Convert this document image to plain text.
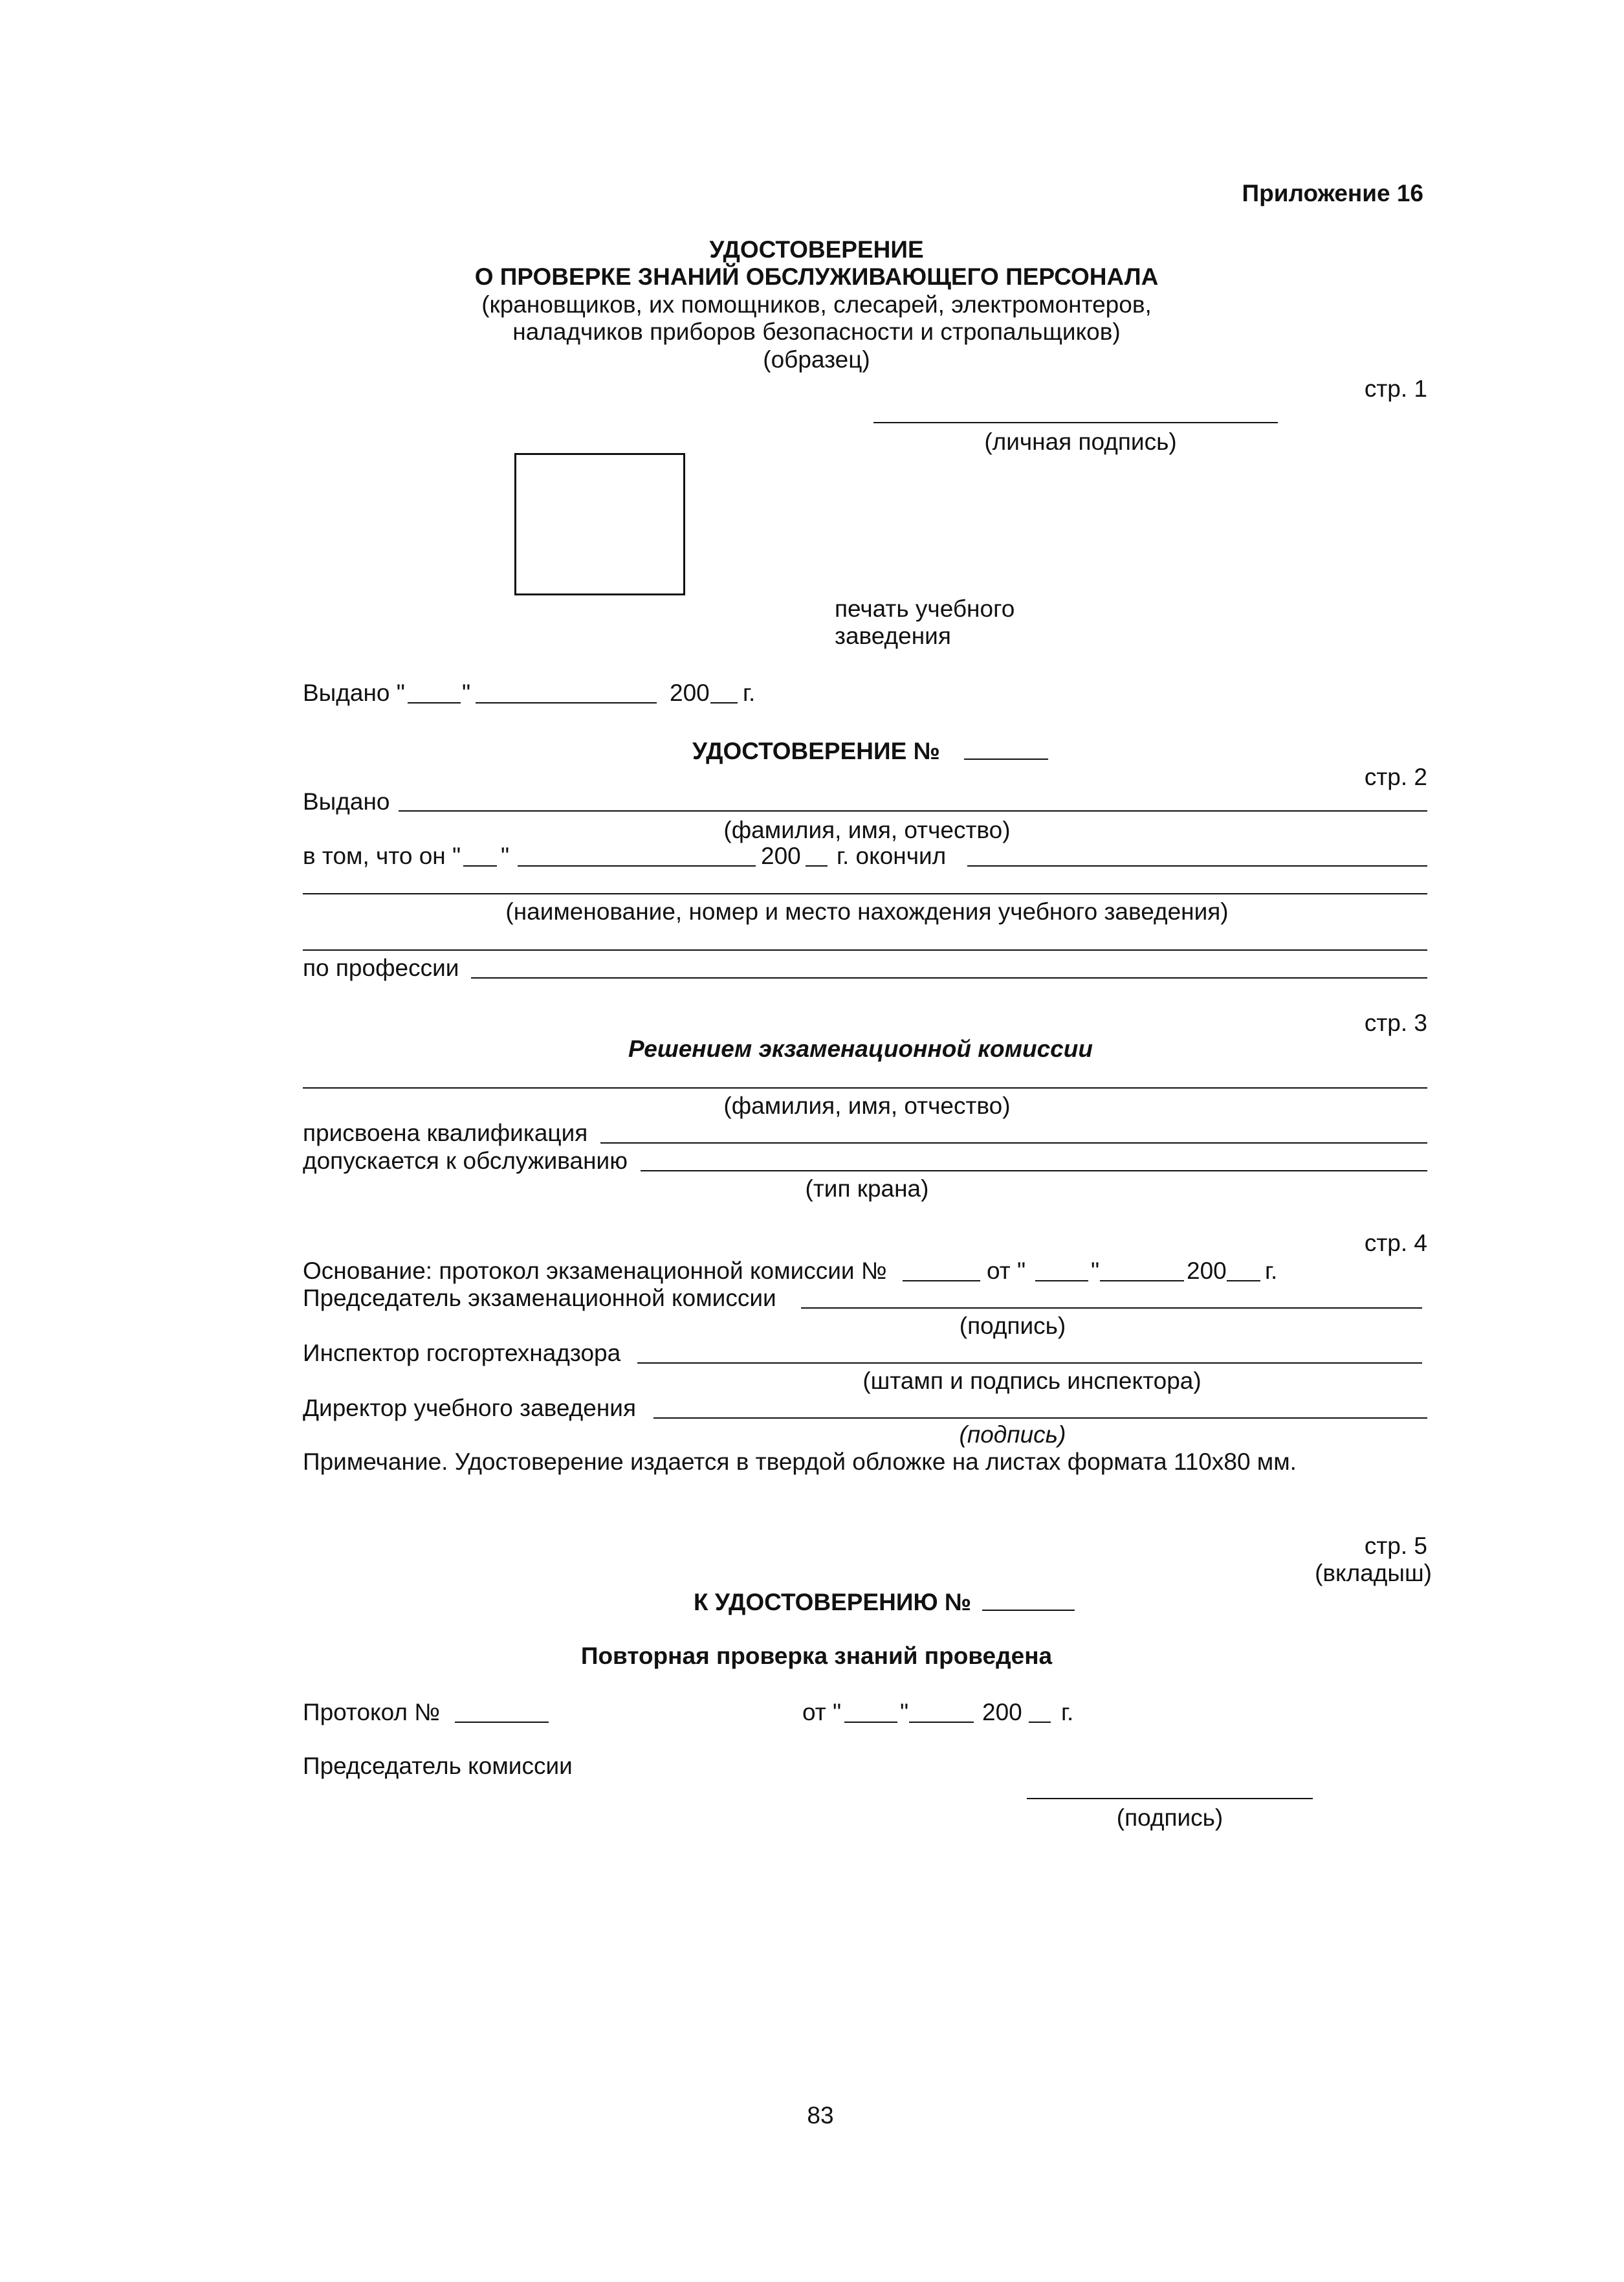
Приложение 16
УДОСТОВЕРЕНИЕ
О ПРОВЕРКЕ ЗНАНИЙ ОБСЛУЖИВАЮЩЕГО ПЕРСОНАЛА
(крановщиков, их помощников, слесарей, электромонтеров,
наладчиков приборов безопасности и стропальщиков)
(образец)
стр. 1
(личная подпись)
печать учебного
заведения
Выдано " "	200 г.
УДОСТОВЕРЕНИЕ №
стр. 2
Выдано
(фамилия, имя, отчество)
в том, что он " "	200 г. окончил
(наименование, номер и место нахождения учебного заведения)
по профессии
стр. 3
Решением экзаменационной комиссии
(фамилия, имя, отчество)
присвоена квалификация
допускается к обслуживанию
(тип крана)
стр. 4
Основание: протокол экзаменационной комиссии №	от "	"	200 г.
Председатель экзаменационной комиссии
(подпись)
Инспектор госгортехнадзора
(штамп и подпись инспектора)
Директор учебного заведения
(подпись)
Примечание. Удостоверение издается в твердой обложке на листах формата 110x80 мм.
стр. 5
(вкладыш)
К УДОСТОВЕРЕНИЮ №
Повторная проверка знаний проведена
Протокол №	от " "	200 г.
Председатель комиссии
(подпись)
83
